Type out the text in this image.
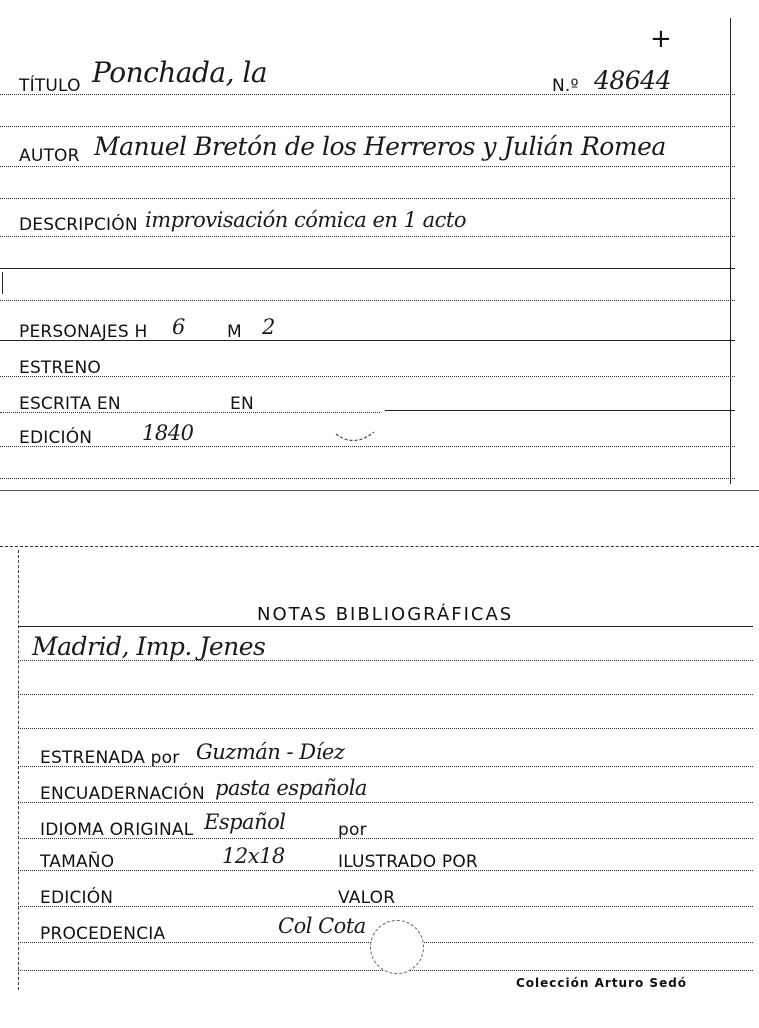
+
TÍTULO Ponchada, la	N.º 48644
AUTOR Manuel Bretón de los Herreros y Julián Romea
DESCRIPCIÓN improvisación cómica en 1 acto
PERSONAJES H 6 M 2
ESTRENO
ESCRITA EN	EN
EDICIÓN 1840
NOTAS BIBLIOGRÁFICAS
Madrid, Imp. Jenes
ESTRENADA por Guzmán - Díez
ENCUADERNACIÓN pasta española
IDIOMA ORIGINAL Español	por
TAMAÑO	12x18	ILUSTRADO POR
EDICIÓN	VALOR
PROCEDENCIA	Col Cota
Colección Arturo Sedó
